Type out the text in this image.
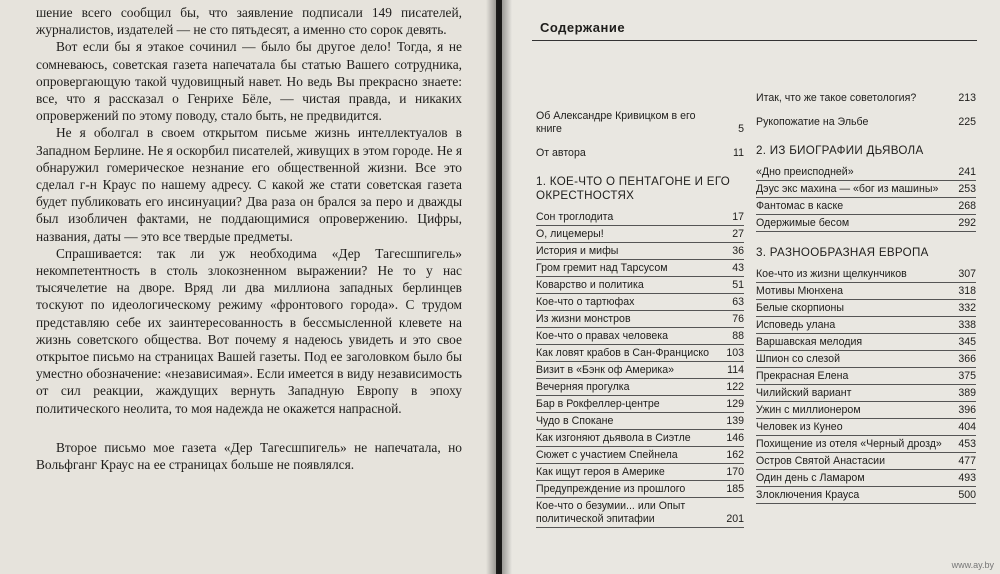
шение всего сообщил бы, что заявление подписали 149 писателей, журналистов, издателей — не сто пятьдесят, а именно сто сорок девять.

Вот если бы я этакое сочинил — было бы другое дело! Тогда, я не сомневаюсь, советская газета напечатала бы статью Вашего сотрудника, опровергающую такой чудовищный навет. Но ведь Вы прекрасно знаете: все, что я рассказал о Генрихе Бёле, — чистая правда, и никаких опровержений по этому поводу, стало быть, не предвидится.

Не я оболгал в своем открытом письме жизнь интеллектуалов в Западном Берлине. Не я оскорбил писателей, живущих в этом городе. Не я обнаружил гомерическое незнание его общественной жизни. Все это сделал г-н Краус по нашему адресу. С какой же стати советская газета будет публиковать его инсинуации? Два раза он брался за перо и дважды был изобличен фактами, не поддающимися опровержению. Цифры, названия, даты — это все твердые предметы.

Спрашивается: так ли уж необходима «Дер Тагесшпигель» некомпетентность в столь злокозненном выражении? Не то у нас тысячелетие на дворе. Вряд ли два миллиона западных берлинцев тоскуют по идеологическому режиму «фронтового города». С трудом представляю себе их заинтересованность в бессмысленной клевете на жизнь советского общества. Вот почему я надеюсь увидеть и это свое открытое письмо на страницах Вашей газеты. Под ее заголовком было бы уместно обозначение: «независимая». Если имеется в виду независимость от сил реакции, жаждущих вернуть Западную Европу в эпоху политического неолита, то моя надежда не окажется напрасной.

Второе письмо мое газета «Дер Тагесшпигель» не напечатала, но Вольфганг Краус на ее страницах больше не появлялся.

Содержание
Об Александре Кривицком в его книге	5
От автора	11
1. КОЕ-ЧТО О ПЕНТАГОНЕ И ЕГО ОКРЕСТНОСТЯХ
Сон троглодита	17
О, лицемеры!	27
История и мифы	36
Гром гремит над Тарсусом	43
Коварство и политика	51
Кое-что о тартюфах	63
Из жизни монстров	76
Кое-что о правах человека	88
Как ловят крабов в Сан-Франциско	103
Визит в «Бэнк оф Америка»	114
Вечерняя прогулка	122
Бар в Рокфеллер-центре	129
Чудо в Спокане	139
Как изгоняют дьявола в Сиэтле	146
Сюжет с участием Спейнела	162
Как ищут героя в Америке	170
Предупреждение из прошлого	185
Кое-что о безумии... или Опыт политической эпитафии	201
Итак, что же такое советология?	213
Рукопожатие на Эльбе	225
2. ИЗ БИОГРАФИИ ДЬЯВОЛА
«Дно преисподней»	241
Дэус экс махина — «бог из машины»	253
Фантомас в каске	268
Одержимые бесом	292
3. РАЗНООБРАЗНАЯ ЕВРОПА
Кое-что из жизни щелкунчиков	307
Мотивы Мюнхена	318
Белые скорпионы	332
Исповедь улана	338
Варшавская мелодия	345
Шпион со слезой	366
Прекрасная Елена	375
Чилийский вариант	389
Ужин с миллионером	396
Человек из Кунео	404
Похищение из отеля «Черный дрозд»	453
Остров Святой Анастасии	477
Один день с Ламаром	493
Злоключения Крауса	500
www.ay.by
